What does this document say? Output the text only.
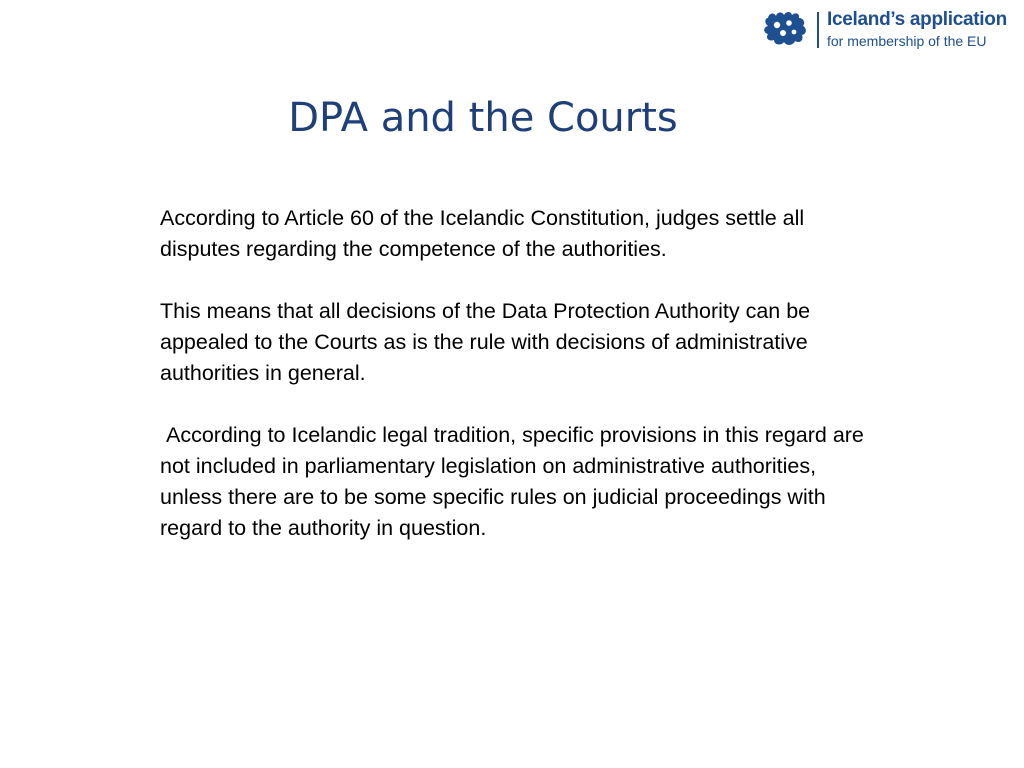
Iceland’s application
for membership of the EU
DPA and the Courts

According to Article 60 of the Icelandic Constitution, judges settle all disputes regarding the competence of the authorities.

This means that all decisions of the Data Protection Authority can be appealed to the Courts as is the rule with decisions of administrative authorities in general.

According to Icelandic legal tradition, specific provisions in this regard are not included in parliamentary legislation on administrative authorities, unless there are to be some specific rules on judicial proceedings with regard to the authority in question.
